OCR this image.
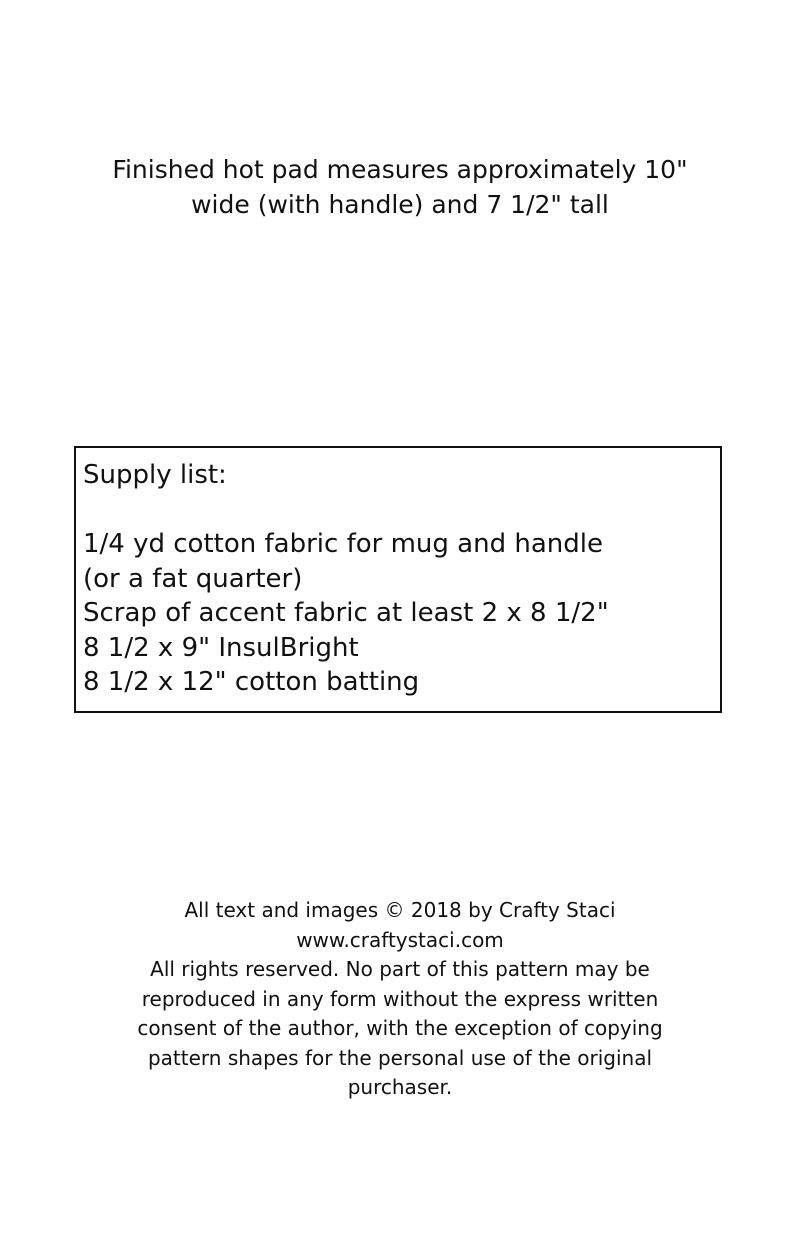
Finished hot pad measures approximately 10"
wide (with handle) and 7 1/2" tall
Supply list:
1/4 yd cotton fabric for mug and handle
(or a fat quarter)
Scrap of accent fabric at least 2 x 8 1/2"
8 1/2 x 9" InsulBright
8 1/2 x 12" cotton batting
All text and images © 2018 by Crafty Staci
www.craftystaci.com
All rights reserved. No part of this pattern may be
reproduced in any form without the express written
consent of the author, with the exception of copying
pattern shapes for the personal use of the original
purchaser.
